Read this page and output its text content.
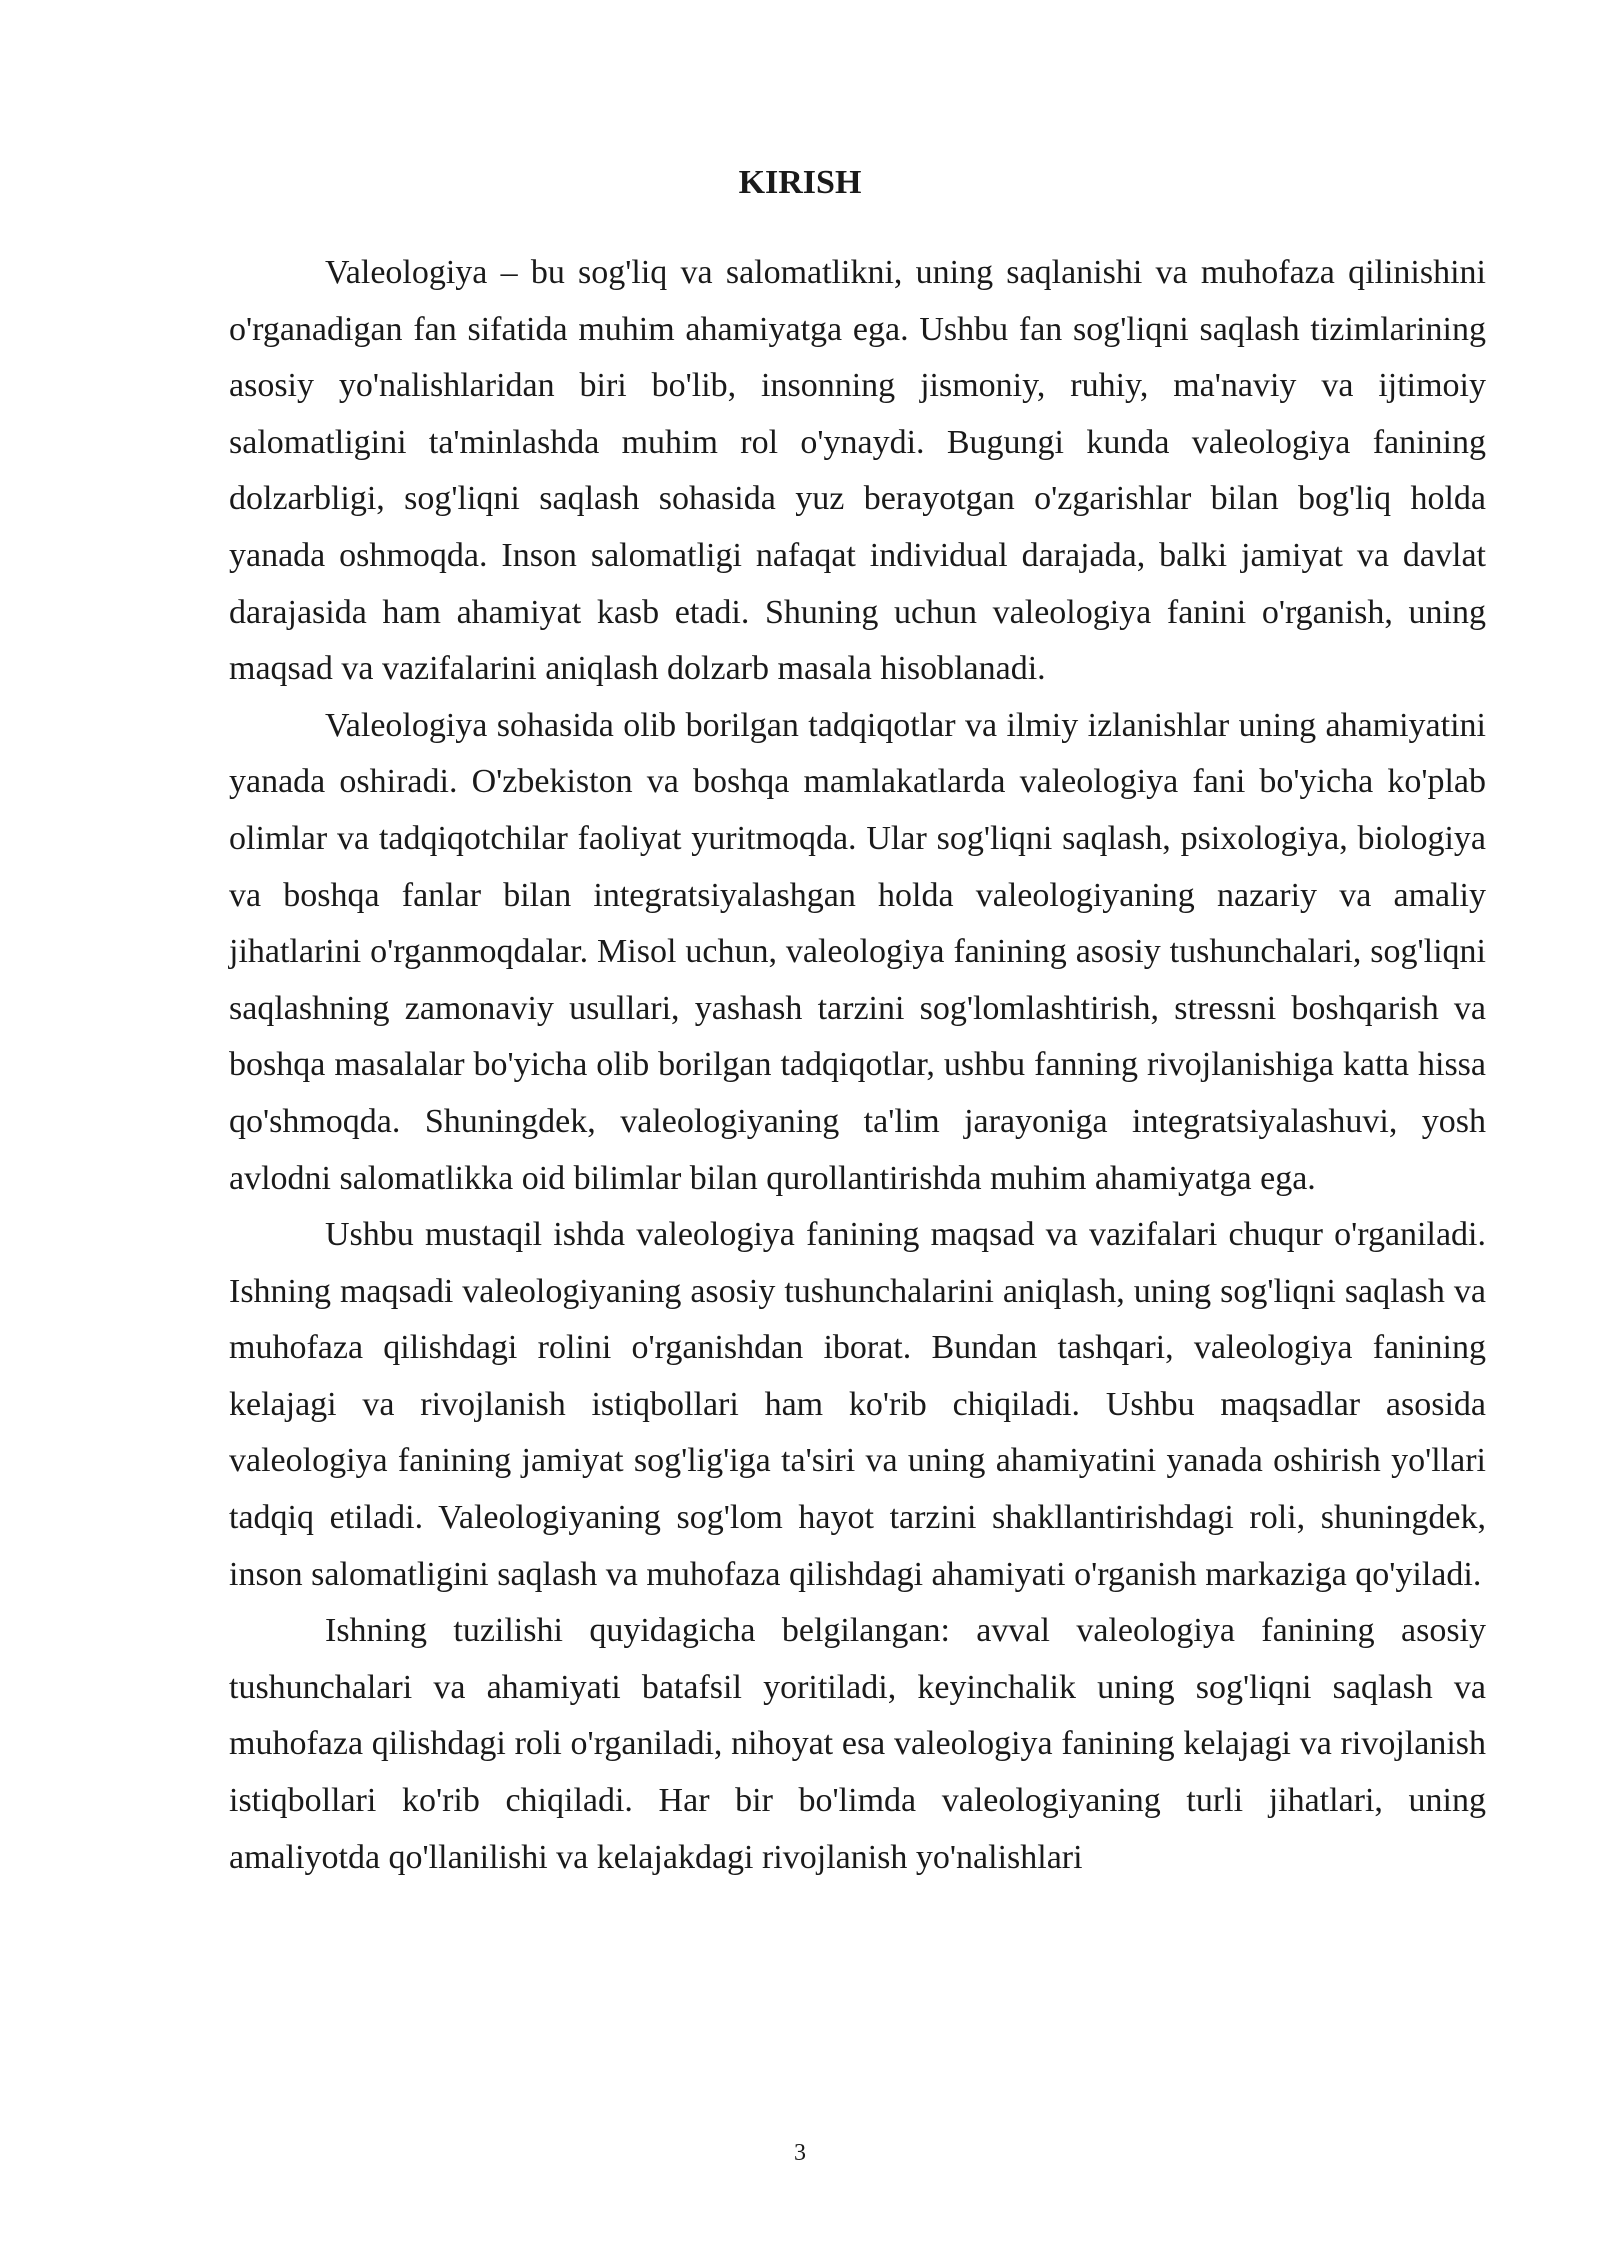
KIRISH

Valeologiya – bu sog'liq va salomatlikni, uning saqlanishi va muhofaza qilinishini o'rganadigan fan sifatida muhim ahamiyatga ega. Ushbu fan sog'liqni saqlash tizimlarining asosiy yo'nalishlaridan biri bo'lib, insonning jismoniy, ruhiy, ma'naviy va ijtimoiy salomatligini ta'minlashda muhim rol o'ynaydi. Bugungi kunda valeologiya fanining dolzarbligi, sog'liqni saqlash sohasida yuz berayotgan o'zgarishlar bilan bog'liq holda yanada oshmoqda. Inson salomatligi nafaqat individual darajada, balki jamiyat va davlat darajasida ham ahamiyat kasb etadi. Shuning uchun valeologiya fanini o'rganish, uning maqsad va vazifalarini aniqlash dolzarb masala hisoblanadi.

Valeologiya sohasida olib borilgan tadqiqotlar va ilmiy izlanishlar uning ahamiyatini yanada oshiradi. O'zbekiston va boshqa mamlakatlarda valeologiya fani bo'yicha ko'plab olimlar va tadqiqotchilar faoliyat yuritmoqda. Ular sog'liqni saqlash, psixologiya, biologiya va boshqa fanlar bilan integratsiyalashgan holda valeologiyaning nazariy va amaliy jihatlarini o'rganmoqdalar. Misol uchun, valeologiya fanining asosiy tushunchalari, sog'liqni saqlashning zamonaviy usullari, yashash tarzini sog'lomlashtirish, stressni boshqarish va boshqa masalalar bo'yicha olib borilgan tadqiqotlar, ushbu fanning rivojlanishiga katta hissa qo'shmoqda. Shuningdek, valeologiyaning ta'lim jarayoniga integratsiyalashuvi, yosh avlodni salomatlikka oid bilimlar bilan qurollantirishda muhim ahamiyatga ega.

Ushbu mustaqil ishda valeologiya fanining maqsad va vazifalari chuqur o'rganiladi. Ishning maqsadi valeologiyaning asosiy tushunchalarini aniqlash, uning sog'liqni saqlash va muhofaza qilishdagi rolini o'rganishdan iborat. Bundan tashqari, valeologiya fanining kelajagi va rivojlanish istiqbollari ham ko'rib chiqiladi. Ushbu maqsadlar asosida valeologiya fanining jamiyat sog'lig'iga ta'siri va uning ahamiyatini yanada oshirish yo'llari tadqiq etiladi. Valeologiyaning sog'lom hayot tarzini shakllantirishdagi roli, shuningdek, inson salomatligini saqlash va muhofaza qilishdagi ahamiyati o'rganish markaziga qo'yiladi.

Ishning tuzilishi quyidagicha belgilangan: avval valeologiya fanining asosiy tushunchalari va ahamiyati batafsil yoritiladi, keyinchalik uning sog'liqni saqlash va muhofaza qilishdagi roli o'rganiladi, nihoyat esa valeologiya fanining kelajagi va rivojlanish istiqbollari ko'rib chiqiladi. Har bir bo'limda valeologiyaning turli jihatlari, uning amaliyotda qo'llanilishi va kelajakdagi rivojlanish yo'nalishlari

3
